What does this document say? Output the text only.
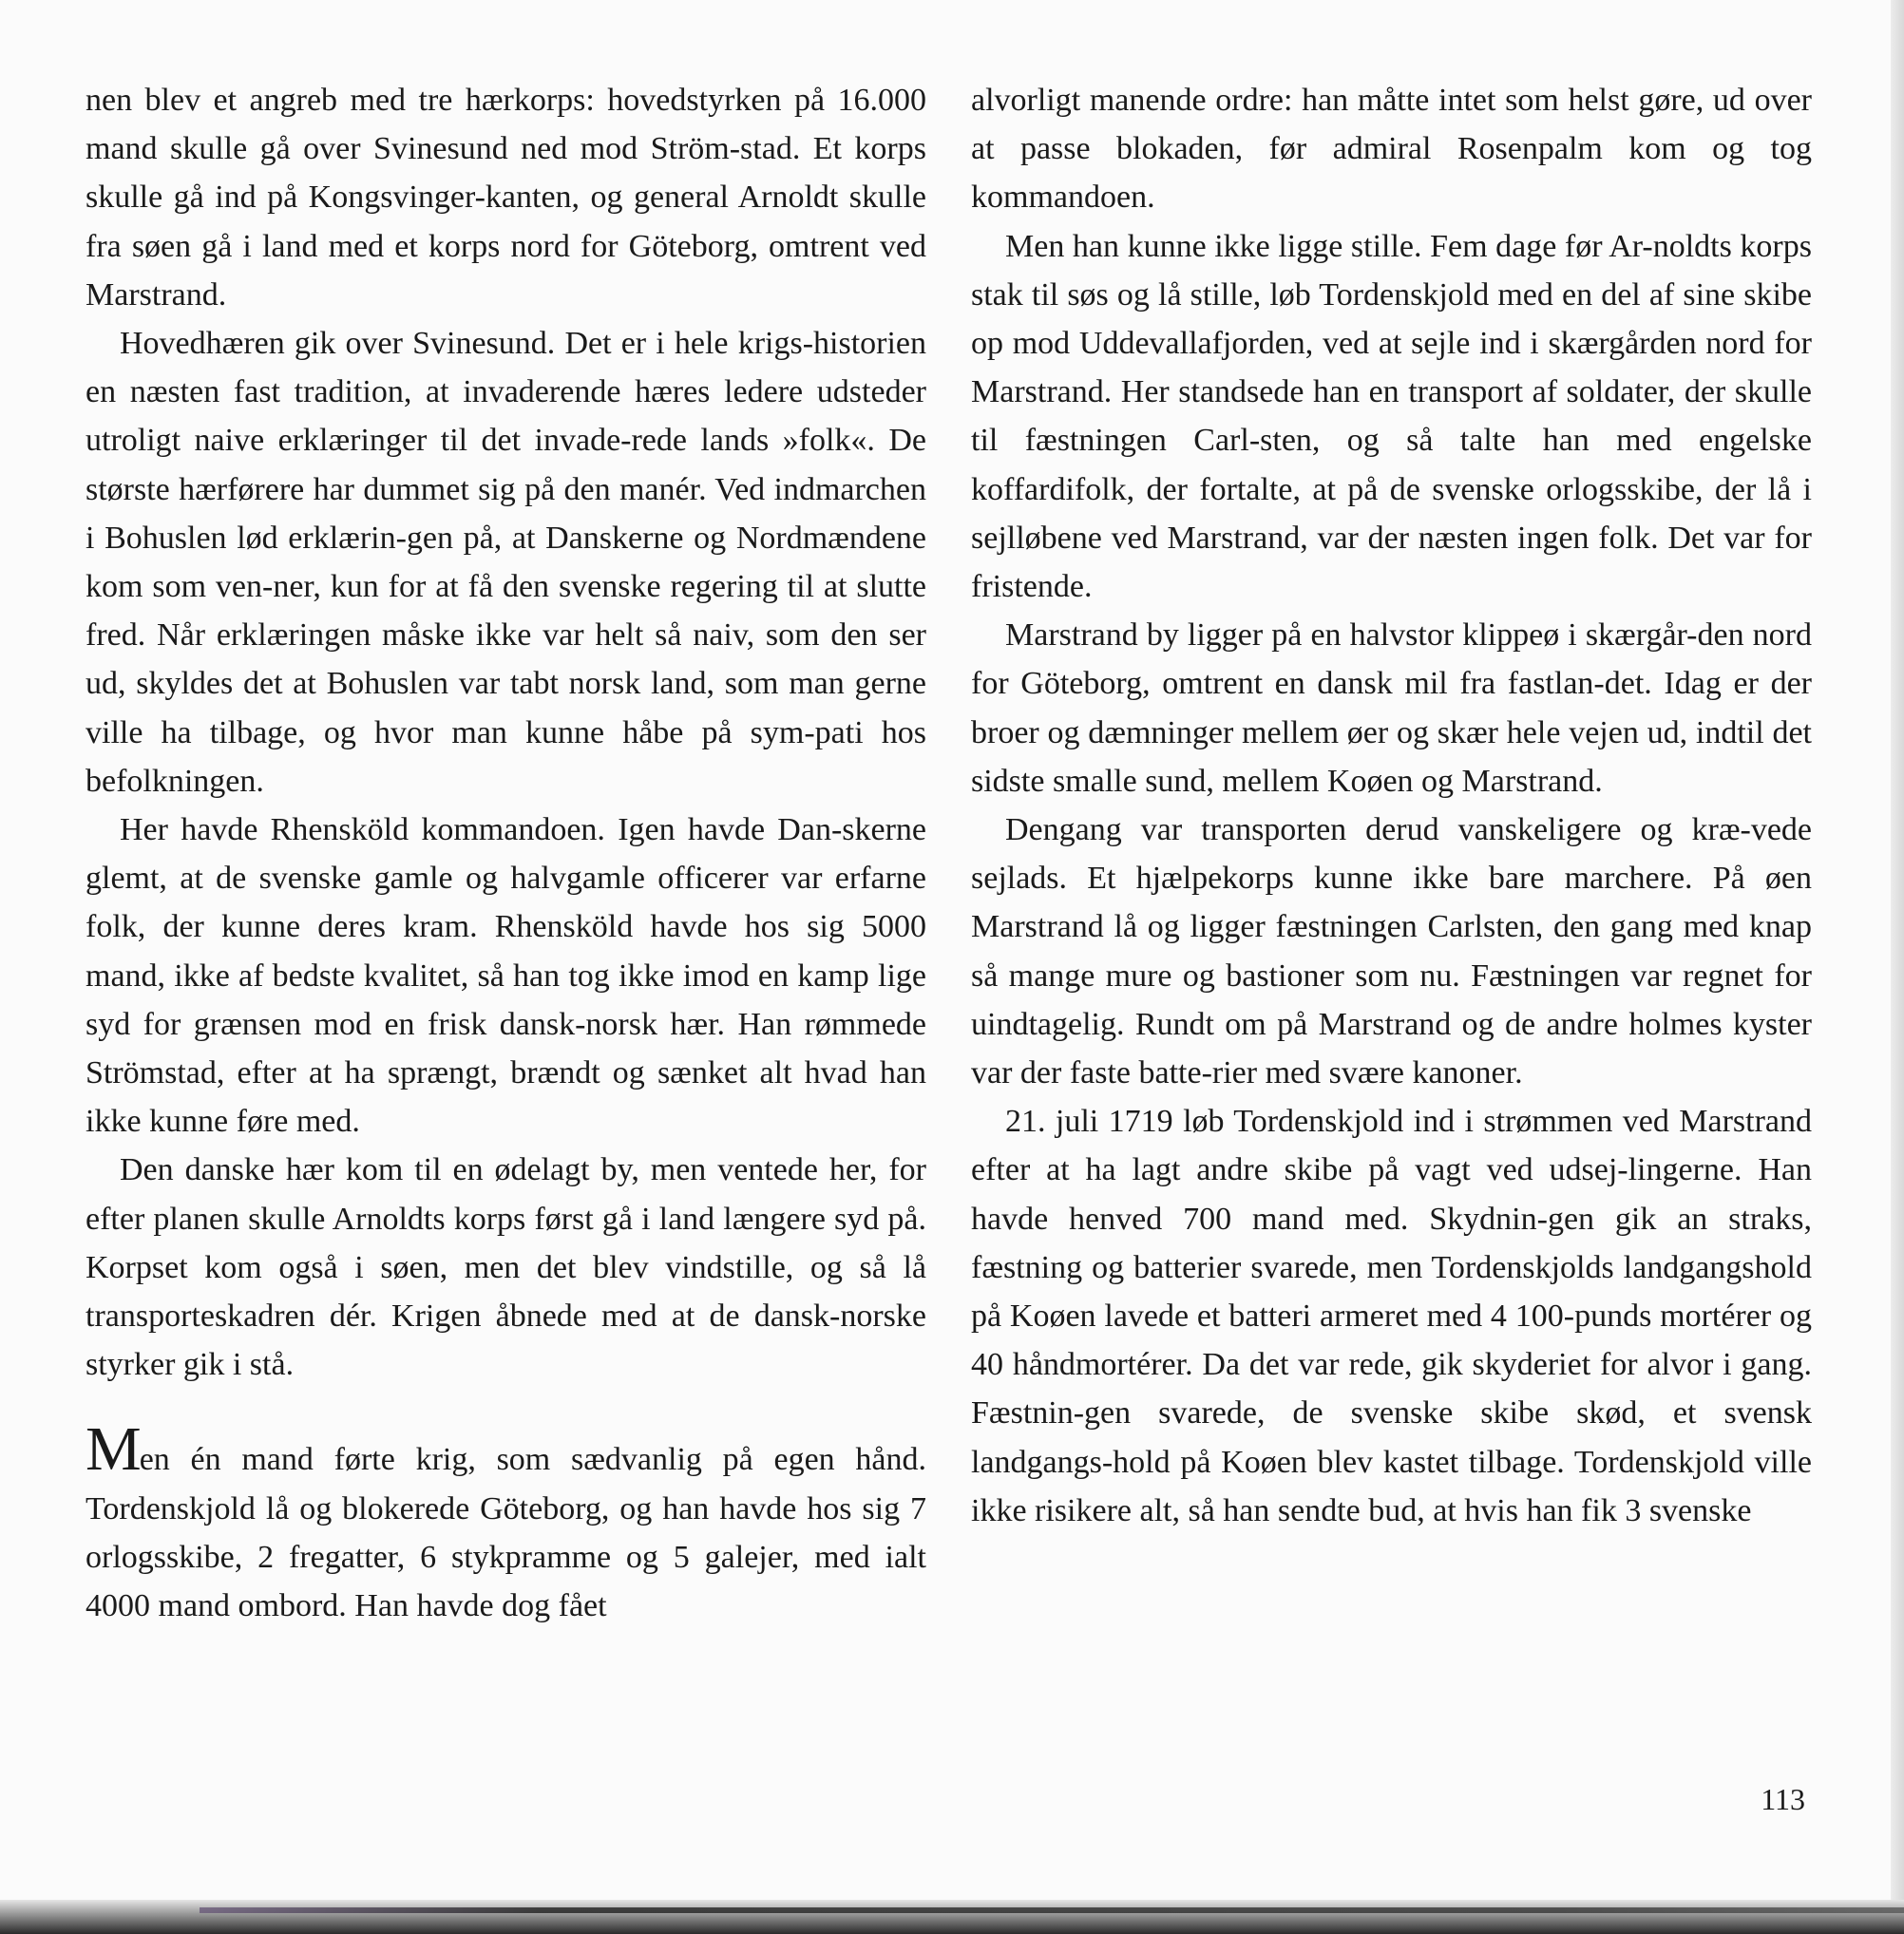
nen blev et angreb med tre hærkorps: hovedstyrken på 16.000 mand skulle gå over Svinesund ned mod Ström-stad. Et korps skulle gå ind på Kongsvinger-kanten, og general Arnoldt skulle fra søen gå i land med et korps nord for Göteborg, omtrent ved Marstrand.

Hovedhæren gik over Svinesund. Det er i hele krigs-historien en næsten fast tradition, at invaderende hæres ledere udsteder utroligt naive erklæringer til det invade-rede lands »folk«. De største hærførere har dummet sig på den manér. Ved indmarchen i Bohuslen lød erklærin-gen på, at Danskerne og Nordmændene kom som ven-ner, kun for at få den svenske regering til at slutte fred. Når erklæringen måske ikke var helt så naiv, som den ser ud, skyldes det at Bohuslen var tabt norsk land, som man gerne ville ha tilbage, og hvor man kunne håbe på sym-pati hos befolkningen.

Her havde Rhensköld kommandoen. Igen havde Dan-skerne glemt, at de svenske gamle og halvgamle officerer var erfarne folk, der kunne deres kram. Rhensköld havde hos sig 5000 mand, ikke af bedste kvalitet, så han tog ikke imod en kamp lige syd for grænsen mod en frisk dansk-norsk hær. Han rømmede Strömstad, efter at ha sprængt, brændt og sænket alt hvad han ikke kunne føre med.

Den danske hær kom til en ødelagt by, men ventede her, for efter planen skulle Arnoldts korps først gå i land længere syd på. Korpset kom også i søen, men det blev vindstille, og så lå transporteskadren dér. Krigen åbnede med at de dansk-norske styrker gik i stå.

Men én mand førte krig, som sædvanlig på egen hånd. Tordenskjold lå og blokerede Göteborg, og han havde hos sig 7 orlogsskibe, 2 fregatter, 6 stykpramme og 5 galejer, med ialt 4000 mand ombord. Han havde dog fået

alvorligt manende ordre: han måtte intet som helst gøre, ud over at passe blokaden, før admiral Rosenpalm kom og tog kommandoen.

Men han kunne ikke ligge stille. Fem dage før Ar-noldts korps stak til søs og lå stille, løb Tordenskjold med en del af sine skibe op mod Uddevallafjorden, ved at sejle ind i skærgården nord for Marstrand. Her standsede han en transport af soldater, der skulle til fæstningen Carl-sten, og så talte han med engelske koffardifolk, der fortalte, at på de svenske orlogsskibe, der lå i sejlløbene ved Marstrand, var der næsten ingen folk. Det var for fristende.

Marstrand by ligger på en halvstor klippeø i skærgår-den nord for Göteborg, omtrent en dansk mil fra fastlan-det. Idag er der broer og dæmninger mellem øer og skær hele vejen ud, indtil det sidste smalle sund, mellem Koøen og Marstrand.

Dengang var transporten derud vanskeligere og kræ-vede sejlads. Et hjælpekorps kunne ikke bare marchere. På øen Marstrand lå og ligger fæstningen Carlsten, den gang med knap så mange mure og bastioner som nu. Fæstningen var regnet for uindtagelig. Rundt om på Marstrand og de andre holmes kyster var der faste batte-rier med svære kanoner.

21. juli 1719 løb Tordenskjold ind i strømmen ved Marstrand efter at ha lagt andre skibe på vagt ved udsej-lingerne. Han havde henved 700 mand med. Skydnin-gen gik an straks, fæstning og batterier svarede, men Tordenskjolds landgangshold på Koøen lavede et batteri armeret med 4 100-punds mortérer og 40 håndmortérer. Da det var rede, gik skyderiet for alvor i gang. Fæstnin-gen svarede, de svenske skibe skød, et svensk landgangs-hold på Koøen blev kastet tilbage. Tordenskjold ville ikke risikere alt, så han sendte bud, at hvis han fik 3 svenske

113
